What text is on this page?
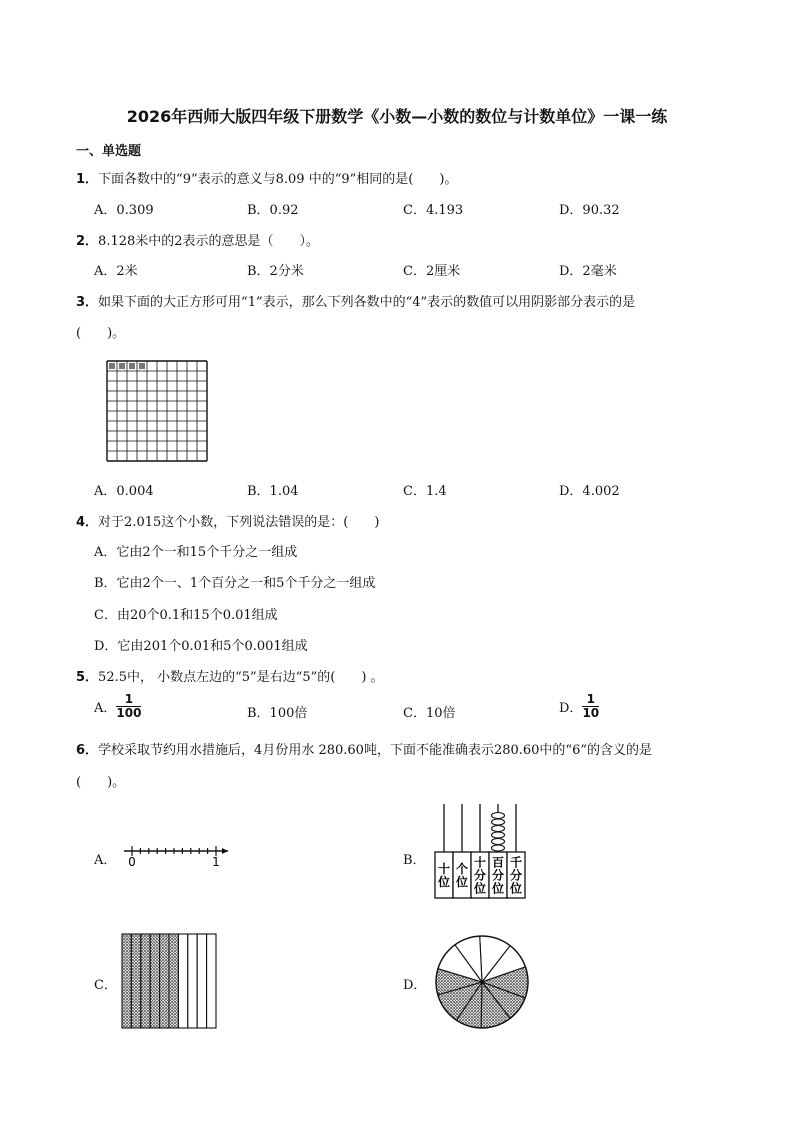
2026年西师大版四年级下册数学《小数—小数的数位与计数单位》一课一练
一、单选题
1．下面各数中的“9”表示的意义与8.09 中的“9”相同的是(　　)。
A．0.309	B．0.92	C．4.193	D．90.32
2．8.128米中的2表示的意思是（　　）。
A．2米	B．2分米	C．2厘米	D．2毫米
3．如果下面的大正方形可用“1”表示，那么下列各数中的“4”表示的数值可以用阴影部分表示的是
(　　)。
A．0.004	B．1.04	C．1.4	D．4.002
4．对于2.015这个小数，下列说法错误的是：(　　)
A．它由2个一和15个千分之一组成
B．它由2个一、1个百分之一和5个千分之一组成
C．由20个0.1和15个0.01组成
D．它由201个0.01和5个0.001组成
5．52.5中， 小数点左边的“5”是右边“5”的(　　) 。
A． $\frac{1}{100}$	B．100倍	C．10倍	D． $\frac{1}{10}$
6．学校采取节约用水措施后，4月份用水 280.60吨，下面不能准确表示280.60中的“6”的含义的是
(　　)。
A． 0	1	B．
十
位
个
位
十
分
位
百
分
位
千
分
位
C．	D．
